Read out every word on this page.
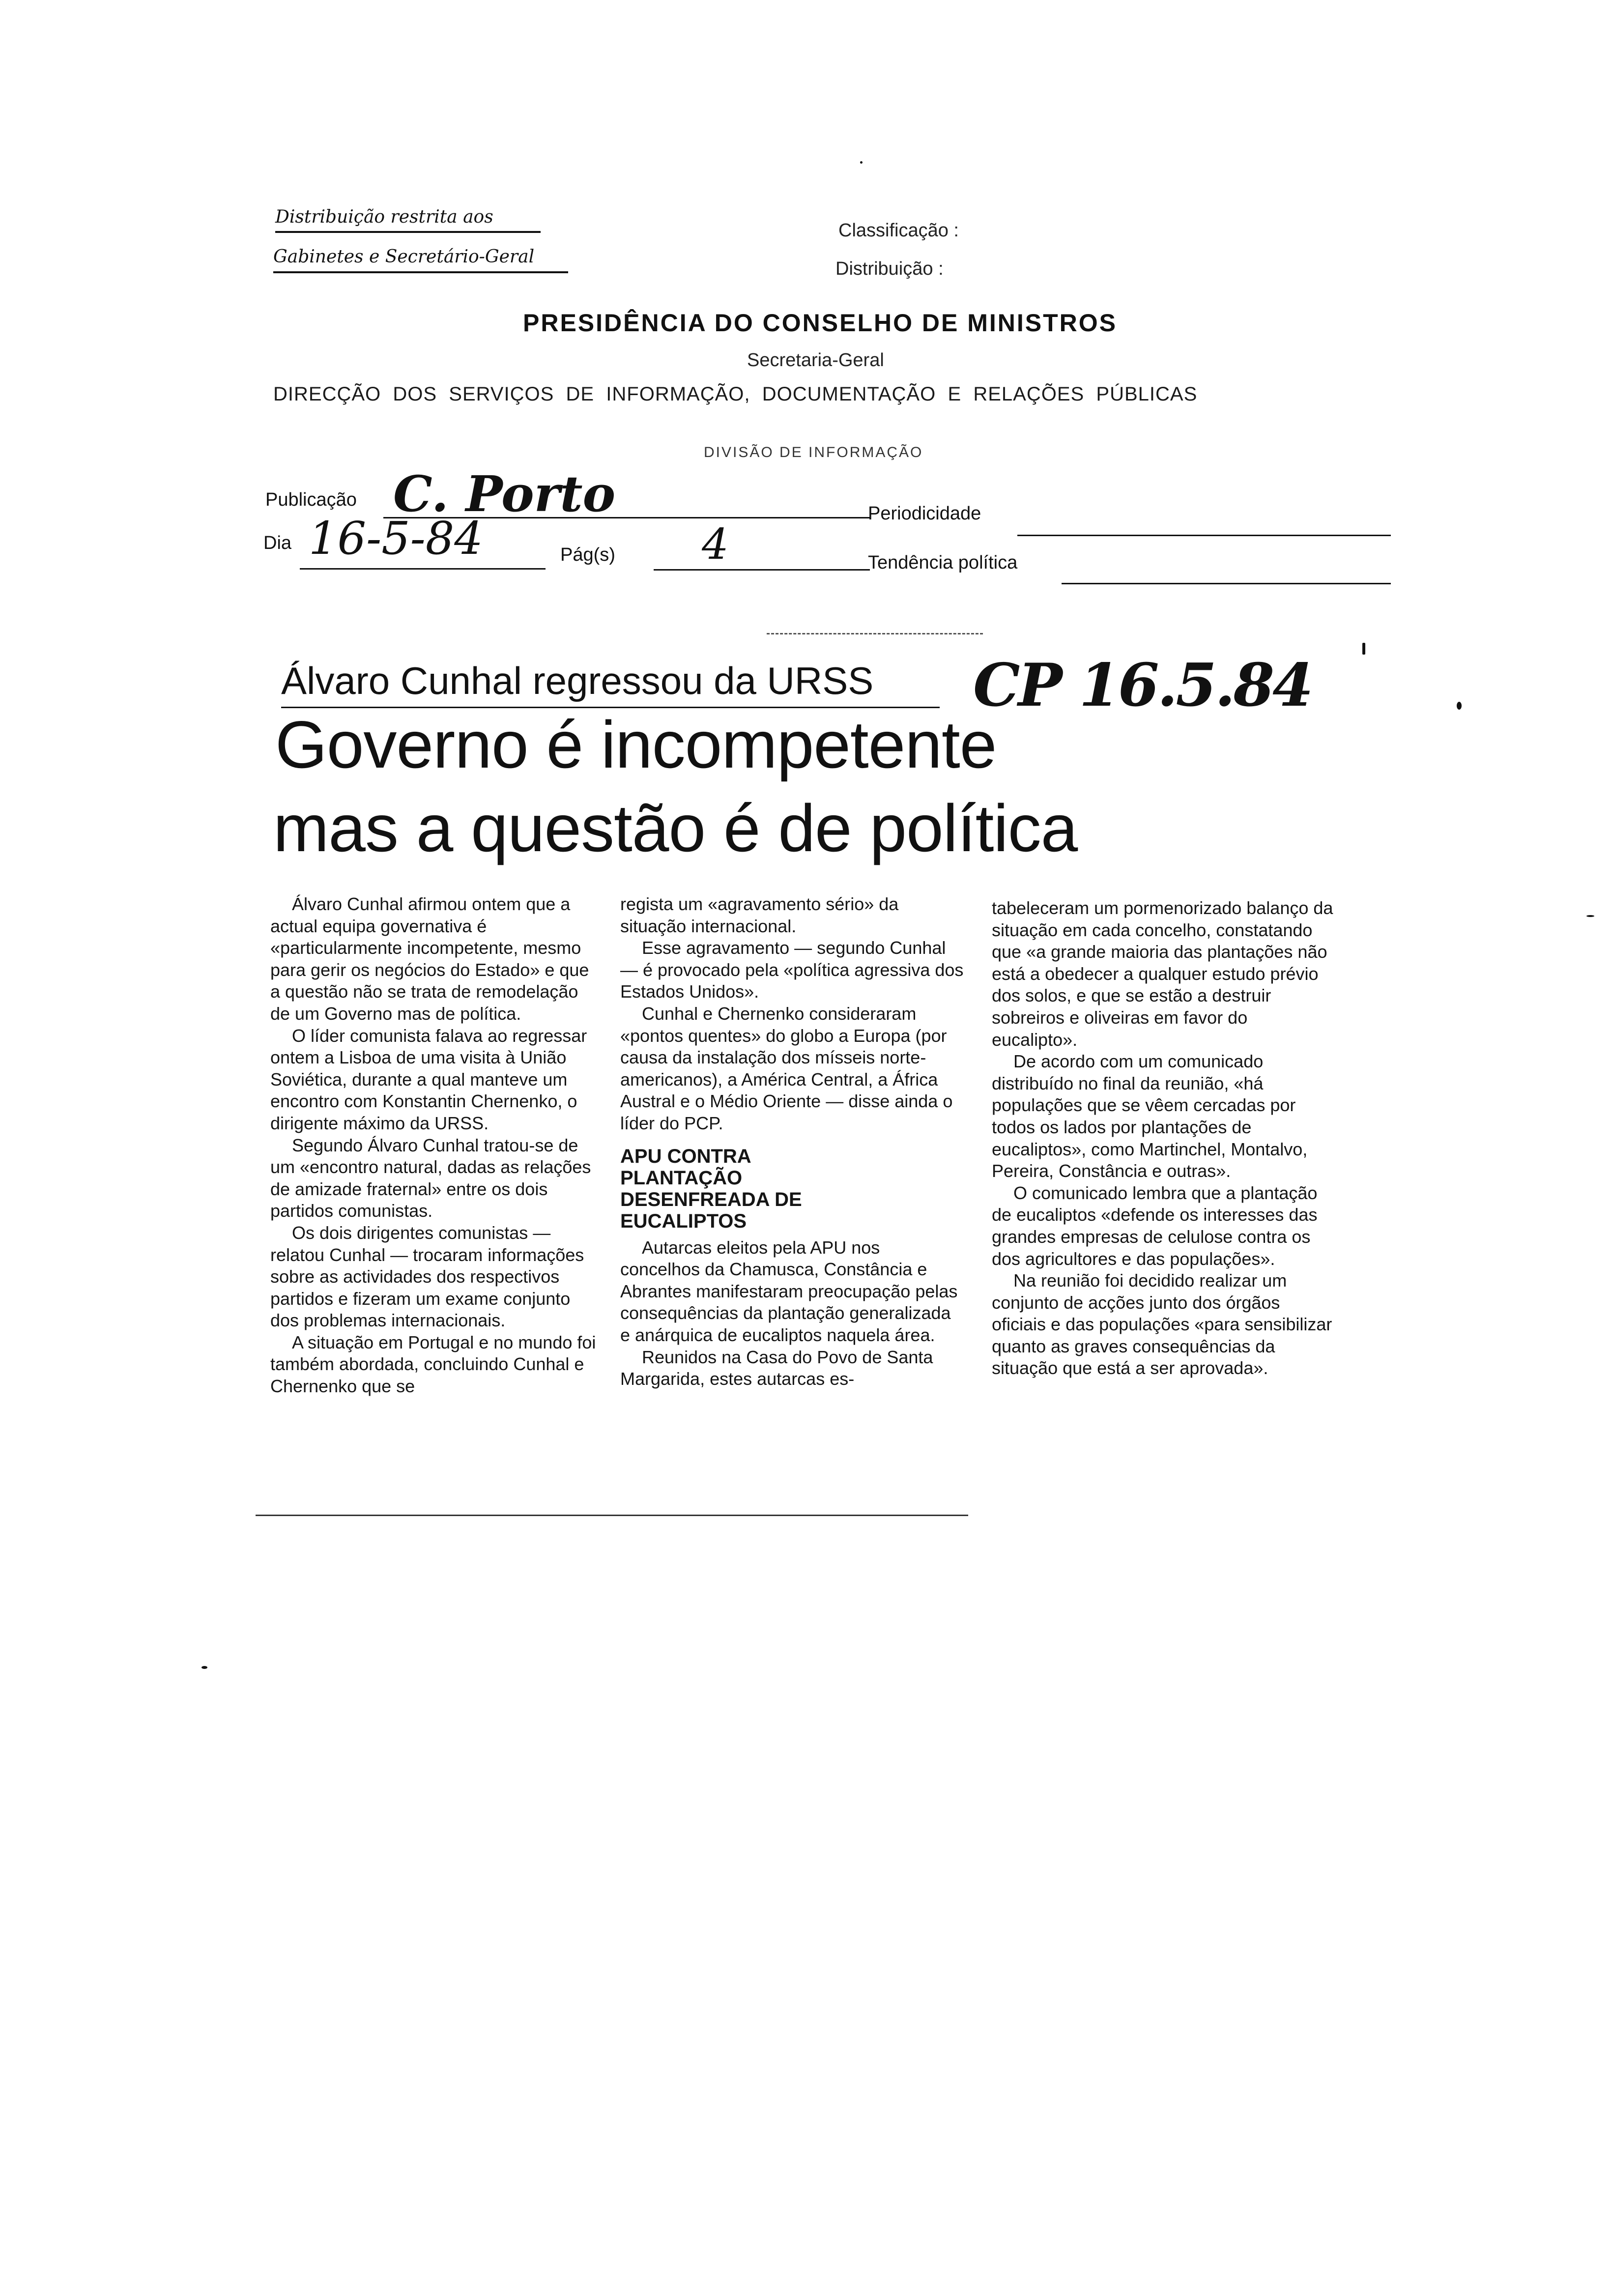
Distribuição restrita aos
Gabinetes e Secretário-Geral
Classificação :
Distribuição :
PRESIDÊNCIA DO CONSELHO DE MINISTROS
Secretaria-Geral
DIRECÇÃO  DOS  SERVIÇOS  DE  INFORMAÇÃO,  DOCUMENTAÇÃO  E  RELAÇÕES  PÚBLICAS
DIVISÃO DE INFORMAÇÃO
Publicação C. Porto	Periodicidade
Dia 16-5-84	Pág(s) 4	Tendência política
Álvaro Cunhal regressou da URSS CP 16.5.84
Governo é incompetente
mas a questão é de política

Álvaro Cunhal afirmou ontem que a actual equipa governativa é «particularmente incompetente, mesmo para gerir os negócios do Estado» e que a questão não se trata de remodelação de um Governo mas de política.

O líder comunista falava ao regressar ontem a Lisboa de uma visita à União Soviética, durante a qual manteve um encontro com Konstantin Chernenko, o dirigente máximo da URSS.

Segundo Álvaro Cunhal tratou-se de um «encontro natural, dadas as relações de amizade fraternal» entre os dois partidos comunistas.

Os dois dirigentes comunistas — relatou Cunhal — trocaram informações sobre as actividades dos respectivos partidos e fizeram um exame conjunto dos problemas internacionais.

A situação em Portugal e no mundo foi também abordada, concluindo Cunhal e Chernenko que se

regista um «agravamento sério» da situação internacional.

Esse agravamento — segundo Cunhal — é provocado pela «política agressiva dos Estados Unidos».

Cunhal e Chernenko consideraram «pontos quentes» do globo a Europa (por causa da instalação dos mísseis norte-americanos), a América Central, a África Austral e o Médio Oriente — disse ainda o líder do PCP.

APU CONTRA PLANTAÇÃO DESENFREADA DE EUCALIPTOS

Autarcas eleitos pela APU nos concelhos da Chamusca, Constância e Abrantes manifestaram preocupação pelas consequências da plantação generalizada e anárquica de eucaliptos naquela área.

Reunidos na Casa do Povo de Santa Margarida, estes autarcas es-

tabeleceram um pormenorizado balanço da situação em cada concelho, constatando que «a grande maioria das plantações não está a obedecer a qualquer estudo prévio dos solos, e que se estão a destruir sobreiros e oliveiras em favor do eucalipto».

De acordo com um comunicado distribuído no final da reunião, «há populações que se vêem cercadas por todos os lados por plantações de eucaliptos», como Martinchel, Montalvo, Pereira, Constância e outras».

O comunicado lembra que a plantação de eucaliptos «defende os interesses das grandes empresas de celulose contra os dos agricultores e das populações».

Na reunião foi decidido realizar um conjunto de acções junto dos órgãos oficiais e das populações «para sensibilizar quanto as graves consequências da situação que está a ser aprovada».
